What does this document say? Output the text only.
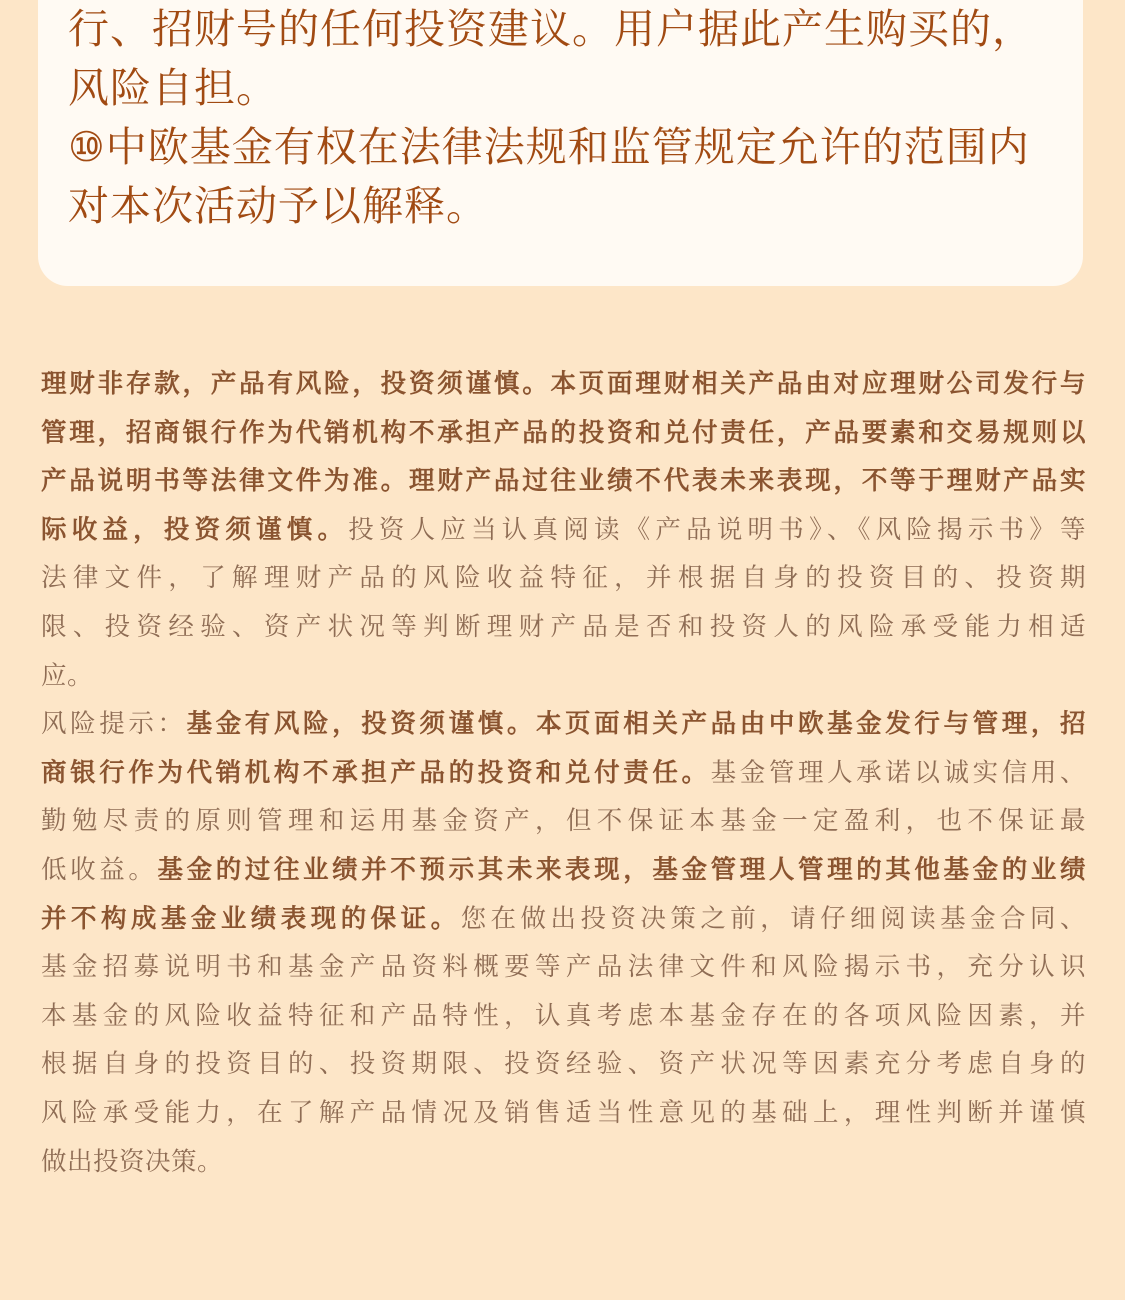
行、招财号的任何投资建议。用户据此产生购买的，
风险自担。
⑩中欧基金有权在法律法规和监管规定允许的范围内
对本次活动予以解释。
理财非存款，产品有风险，投资须谨慎。本页面理财相关产品由对应理财公司发行与
管理，招商银行作为代销机构不承担产品的投资和兑付责任，产品要素和交易规则以
产品说明书等法律文件为准。理财产品过往业绩不代表未来表现，不等于理财产品实
际收益，投资须谨慎。投资人应当认真阅读《产品说明书》、《风险揭示书》等
法律文件，了解理财产品的风险收益特征，并根据自身的投资目的、投资期
限、投资经验、资产状况等判断理财产品是否和投资人的风险承受能力相适
应。
风险提示：基金有风险，投资须谨慎。本页面相关产品由中欧基金发行与管理，招
商银行作为代销机构不承担产品的投资和兑付责任。基金管理人承诺以诚实信用、
勤勉尽责的原则管理和运用基金资产，但不保证本基金一定盈利，也不保证最
低收益。基金的过往业绩并不预示其未来表现，基金管理人管理的其他基金的业绩
并不构成基金业绩表现的保证。您在做出投资决策之前，请仔细阅读基金合同、
基金招募说明书和基金产品资料概要等产品法律文件和风险揭示书，充分认识
本基金的风险收益特征和产品特性，认真考虑本基金存在的各项风险因素，并
根据自身的投资目的、投资期限、投资经验、资产状况等因素充分考虑自身的
风险承受能力，在了解产品情况及销售适当性意见的基础上，理性判断并谨慎
做出投资决策。
